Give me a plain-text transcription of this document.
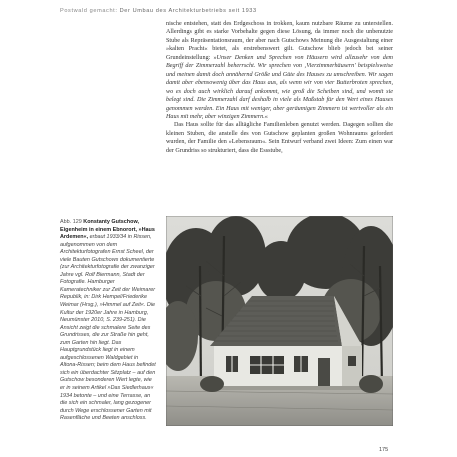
Postwald gemacht: Der Umbau des Architekturbetriebs seit 1933

nische entstehen, statt des Erdgeschoss in trokken, kaum nutzbare Räume zu unterstellen. Allerdings gibt es starke Vorbehalte gegen diese Lösung, da immer noch die unbenutzte Stube als Repräsentationsraum, der aber nach Gutschows Meinung die Ausgestaltung einer »kalten Pracht« bietet, als erstrebenswert gilt. Gutschow blieb jedoch bei seiner Grundeinstellung: »Unser Denken und Sprechen von Häusern wird allzusehr von dem Begriff der Zimmerzahl beherrscht. Wir sprechen von ‚Vierzimmerhäusern' beispielsweise und meinen damit doch annähernd Größe und Güte des Hauses zu umschreiben. Wir sagen damit aber ebensowenig über das Haus aus, als wenn wir von vier Butterbroten sprechen, wo es doch auch wirklich darauf ankommt, wie groß die Scheiben sind, und womit sie belegt sind. Die Zimmerzahl darf deshalb in viele als Maßstab für den Wert eines Hauses genommen werden. Ein Haus mit weniger, aber geräumigen Zimmern ist wertvoller als ein Haus mit mehr, aber winzigen Zimmern.«

Das Haus sollte für das alltägliche Familienleben genutzt werden. Dagegen sollten die kleinen Stuben, die anstelle des von Gutschow geplanten großen Wohnraums gefordert wurden, der Familie den »Lebensraum«. Sein Entwurf verband zwei Ideen: Zum einen war der Grundriss so strukturiert, dass die Essstube,

Abb. 129 Konstanty Gutschow, Eigenheim in einem Ebnorort, »Haus Ardemen«, erbaut 1933/34 in Rissen, aufgenommen von dem Architekturfotografen Ernst Scheel, der viele Bauten Gutschows dokumentierte (zur Architekturfotografie der zwanziger Jahre vgl. Rolf Biermann, Stadt der Fotografie. Hamburger Kameratechniker zur Zeit der Weimarer Republik, in: Dirk Hempel/Friederike Weimar (Hrsg.), »Himmel auf Zeit«. Die Kultur der 1920er Jahre in Hamburg, Neumünster 2010, S. 239-251). Die Ansicht zeigt die schmalere Seite des Grundrisses, die zur Straße hin geht, zum Garten hin liegt. Das Hauptgrundstück liegt in einem aufgeschlossenen Waldgebiet in Altona-Rissen; beim dem Haus befindet sich ein überdachter Sitzplatz – auf den Gutschow besonderen Wert legte, wie er in seinem Artikel »Das Siedlerhaus« 1934 betonte – und eine Terrasse, an die sich ein schmaler, lang gezogener durch Wege erschlossener Garten mit Rasenfläche und Beeten anschloss.
175
